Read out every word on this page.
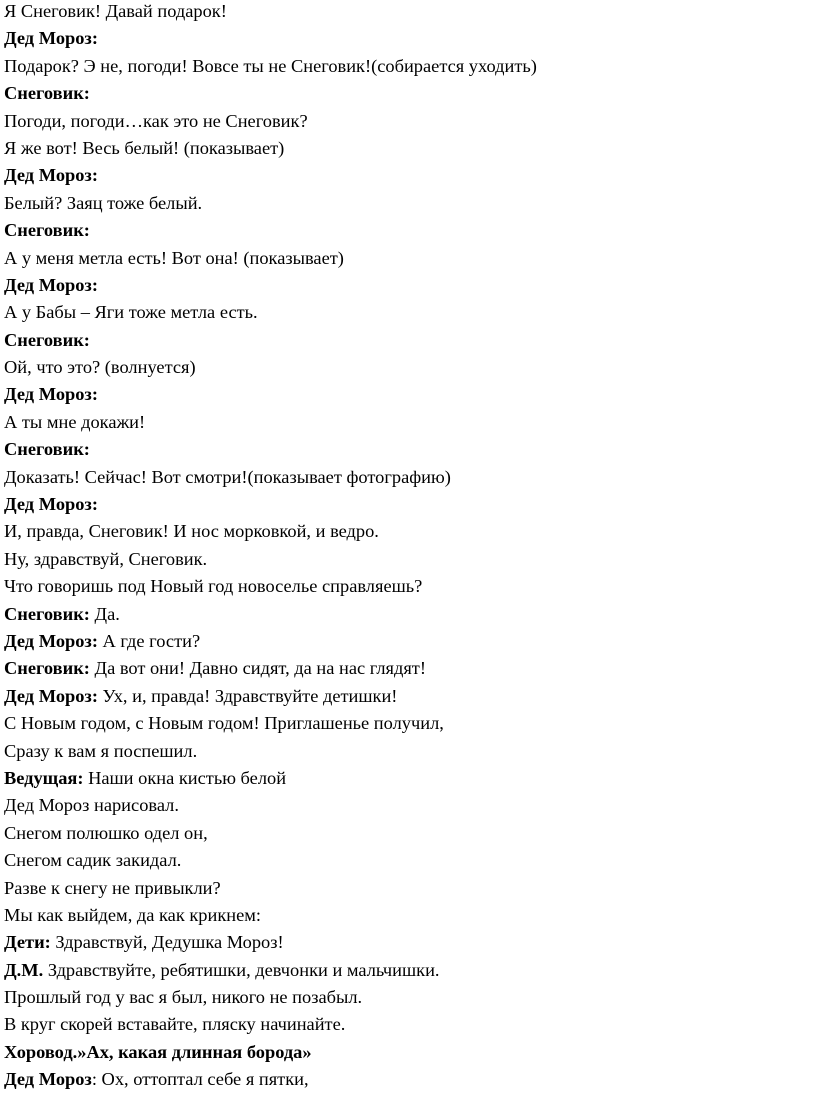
Я Снеговик! Давай подарок!
Дед Мороз:
Подарок? Э не, погоди! Вовсе ты не Снеговик!(собирается уходить)
Снеговик:
Погоди, погоди…как это не Снеговик?
Я же вот! Весь белый! (показывает)
Дед Мороз:
Белый? Заяц тоже белый.
Снеговик:
А у меня метла есть! Вот она! (показывает)
Дед Мороз:
А у Бабы – Яги тоже метла есть.
Снеговик:
Ой, что это? (волнуется)
Дед Мороз:
А ты мне докажи!
Снеговик:
Доказать! Сейчас! Вот смотри!(показывает фотографию)
Дед Мороз:
И, правда, Снеговик! И нос морковкой, и ведро.
Ну, здравствуй, Снеговик.
Что говоришь под Новый год новоселье справляешь?
Снеговик: Да.
Дед Мороз: А где гости?
Снеговик: Да вот они! Давно сидят, да на нас глядят!
Дед Мороз: Ух, и, правда! Здравствуйте детишки!
С Новым годом, с Новым годом! Приглашенье получил,
Сразу к вам я поспешил.
Ведущая: Наши окна кистью белой
Дед Мороз нарисовал.
Снегом полюшко одел он,
Снегом садик закидал.
Разве к снегу не привыкли?
Мы как выйдем, да как крикнем:
Дети: Здравствуй, Дедушка Мороз!
Д.М. Здравствуйте, ребятишки, девчонки и мальчишки.
Прошлый год у вас я был, никого не позабыл.
В круг скорей вставайте, пляску начинайте.
Хоровод.»Ах, какая длинная борода»
Дед Мороз: Ох, оттоптал себе я пятки,
